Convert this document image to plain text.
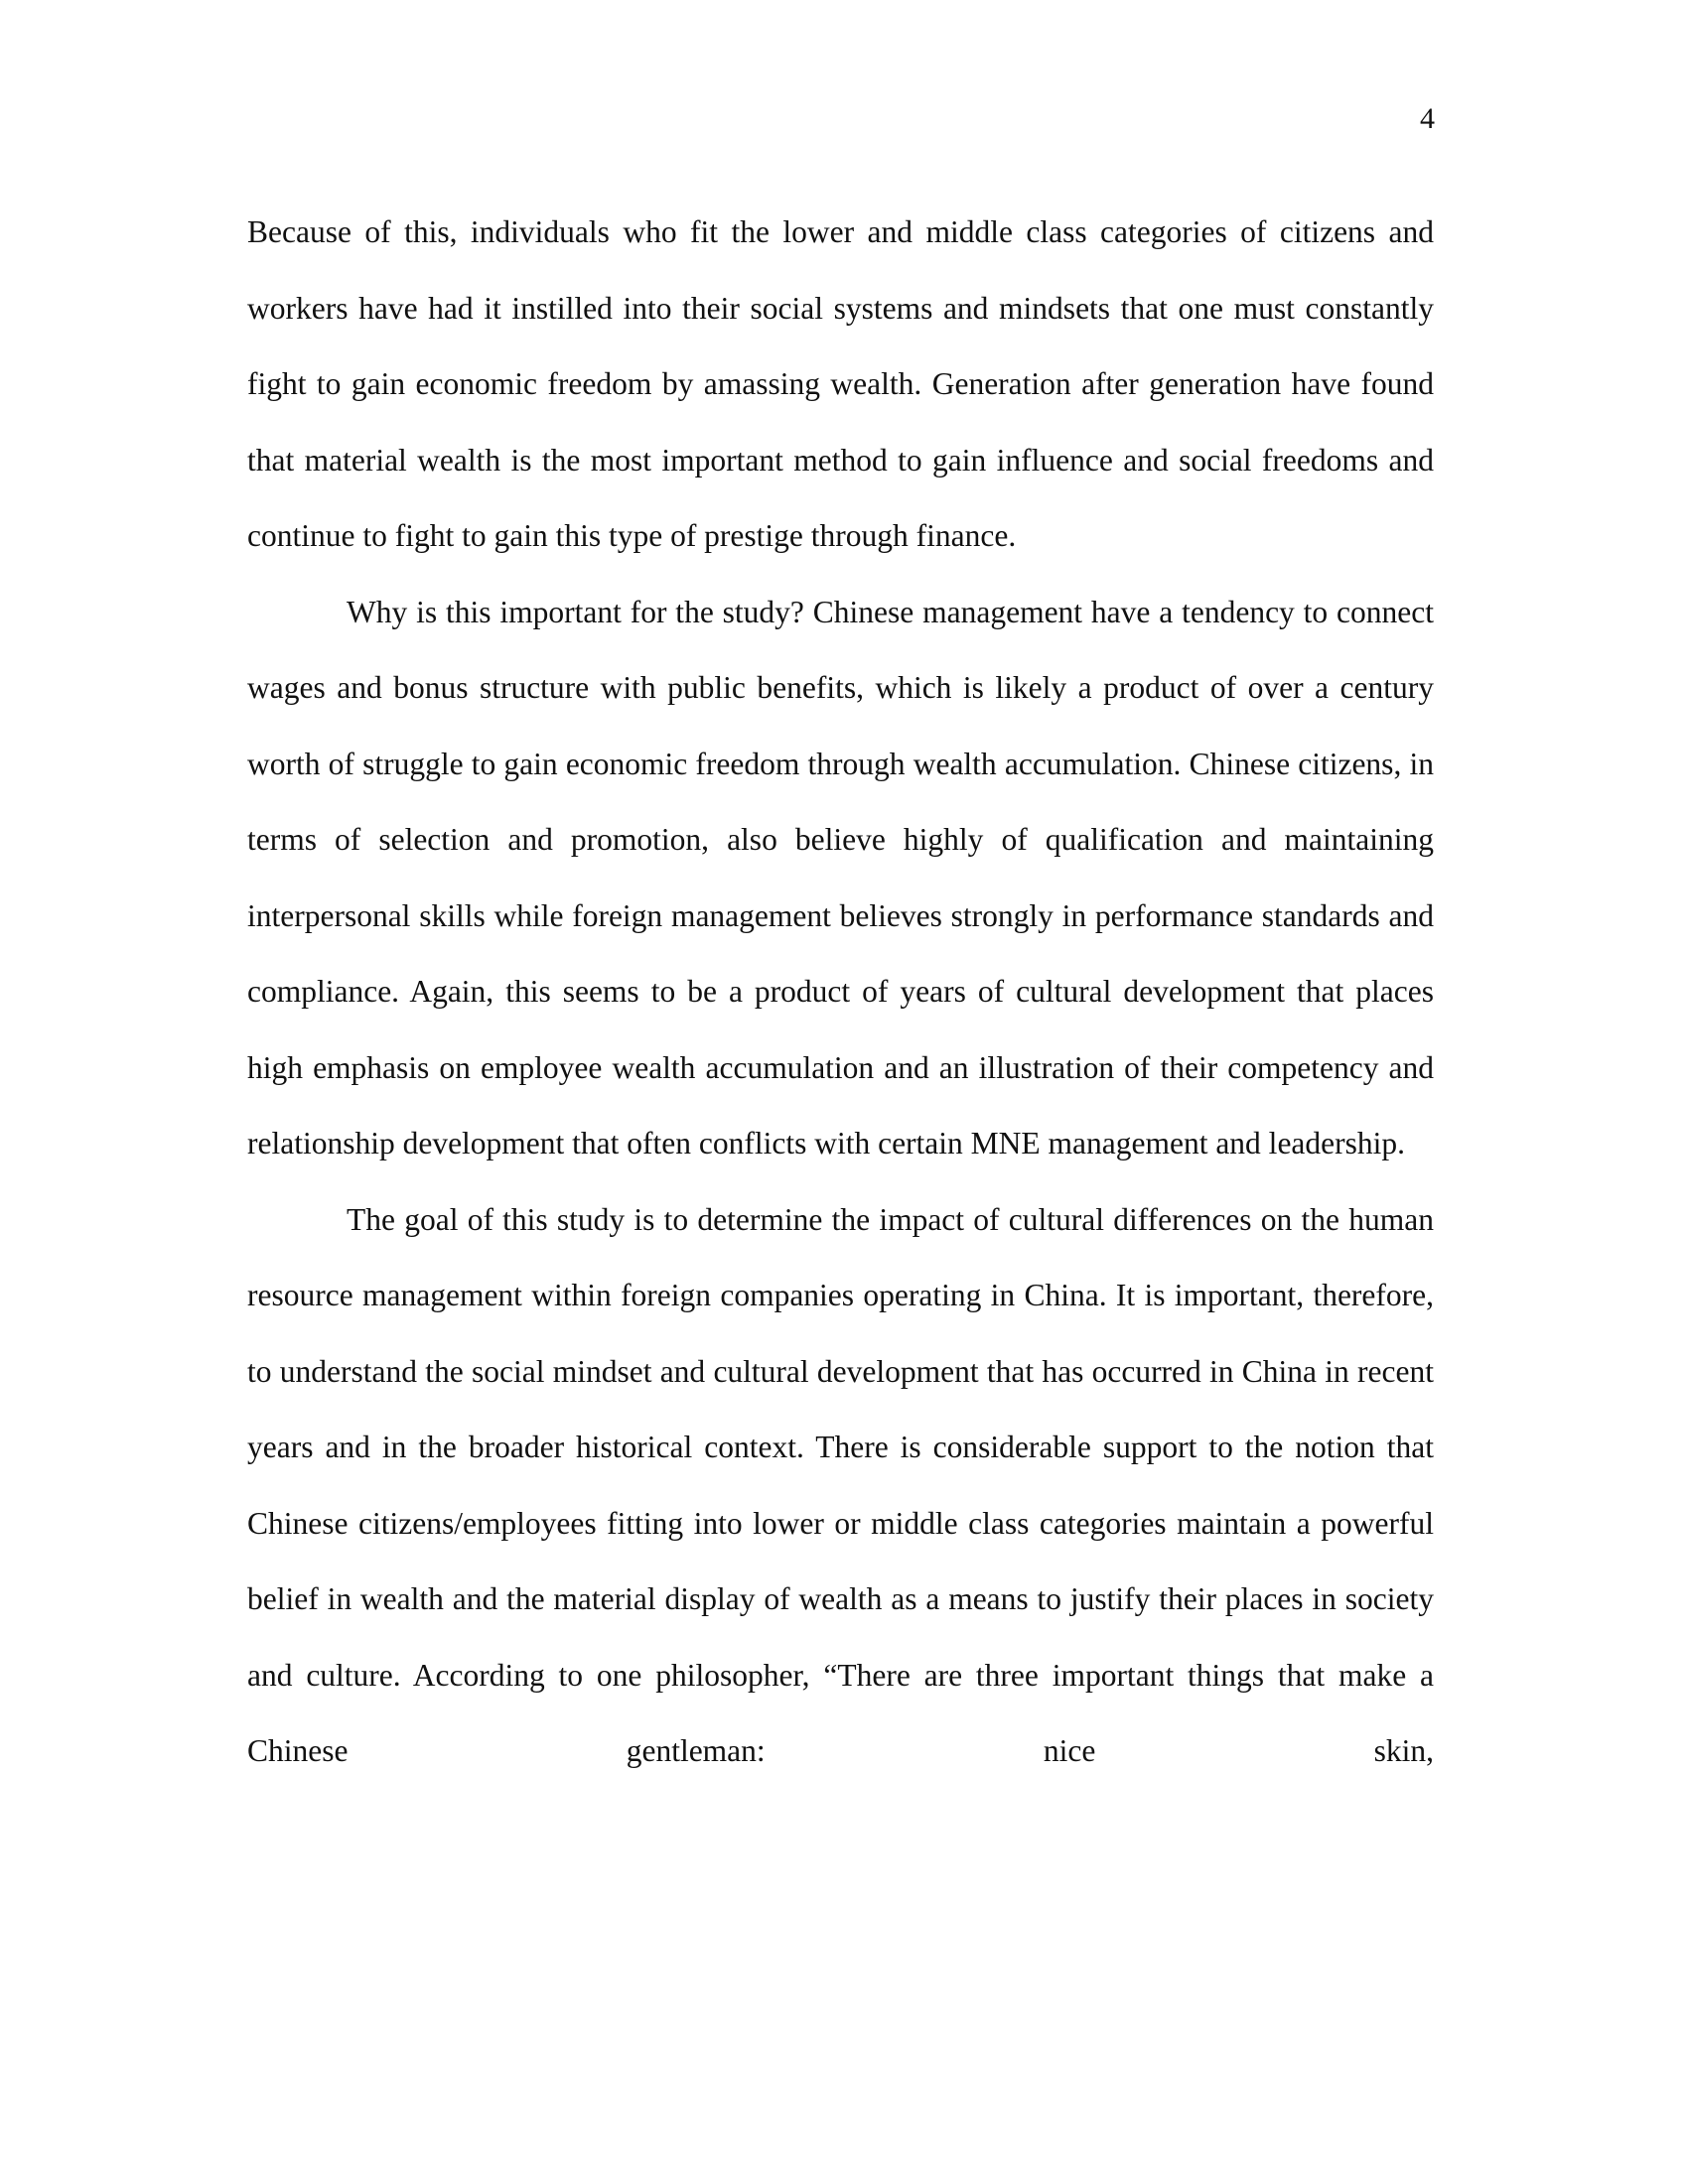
4

Because of this, individuals who fit the lower and middle class categories of citizens and workers have had it instilled into their social systems and mindsets that one must constantly fight to gain economic freedom by amassing wealth. Generation after generation have found that material wealth is the most important method to gain influence and social freedoms and continue to fight to gain this type of prestige through finance.

Why is this important for the study? Chinese management have a tendency to connect wages and bonus structure with public benefits, which is likely a product of over a century worth of struggle to gain economic freedom through wealth accumulation. Chinese citizens, in terms of selection and promotion, also believe highly of qualification and maintaining interpersonal skills while foreign management believes strongly in performance standards and compliance. Again, this seems to be a product of years of cultural development that places high emphasis on employee wealth accumulation and an illustration of their competency and relationship development that often conflicts with certain MNE management and leadership.

The goal of this study is to determine the impact of cultural differences on the human resource management within foreign companies operating in China. It is important, therefore, to understand the social mindset and cultural development that has occurred in China in recent years and in the broader historical context. There is considerable support to the notion that Chinese citizens/employees fitting into lower or middle class categories maintain a powerful belief in wealth and the material display of wealth as a means to justify their places in society and culture. According to one philosopher, “There are three important things that make a Chinese gentleman: nice skin,
